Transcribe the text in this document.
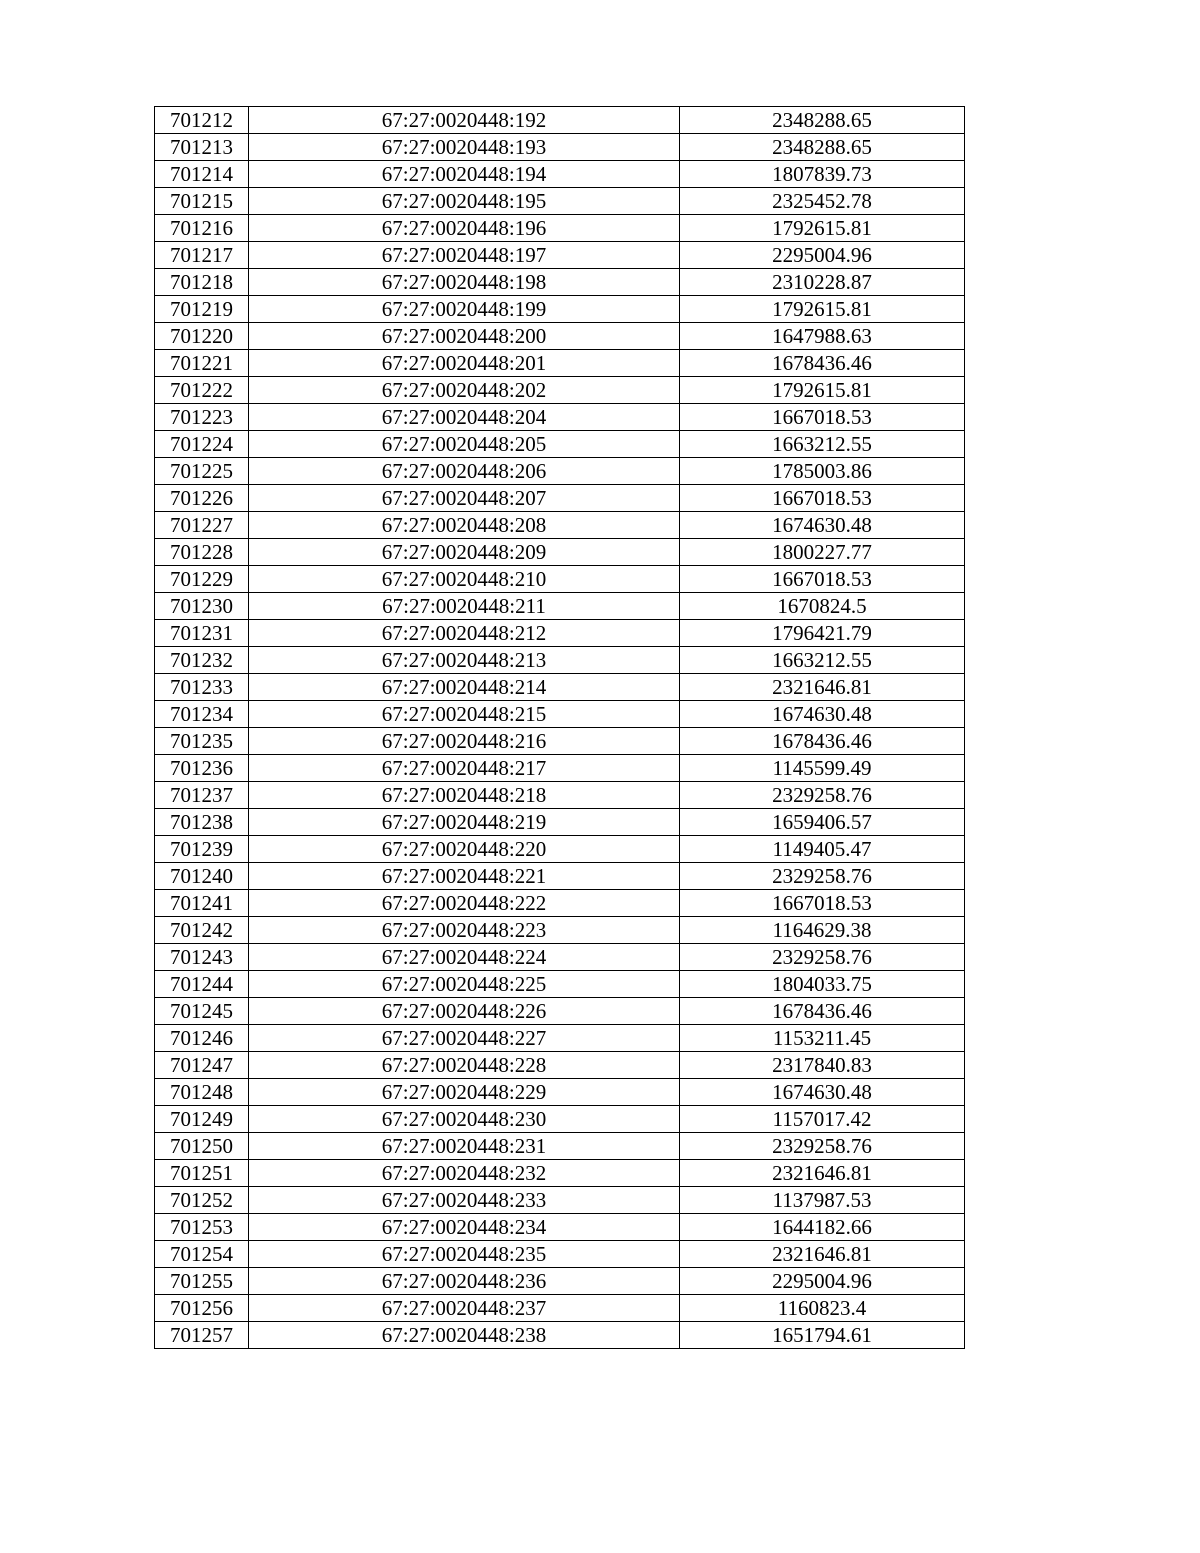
701212	67:27:0020448:192	2348288.65
701213	67:27:0020448:193	2348288.65
701214	67:27:0020448:194	1807839.73
701215	67:27:0020448:195	2325452.78
701216	67:27:0020448:196	1792615.81
701217	67:27:0020448:197	2295004.96
701218	67:27:0020448:198	2310228.87
701219	67:27:0020448:199	1792615.81
701220	67:27:0020448:200	1647988.63
701221	67:27:0020448:201	1678436.46
701222	67:27:0020448:202	1792615.81
701223	67:27:0020448:204	1667018.53
701224	67:27:0020448:205	1663212.55
701225	67:27:0020448:206	1785003.86
701226	67:27:0020448:207	1667018.53
701227	67:27:0020448:208	1674630.48
701228	67:27:0020448:209	1800227.77
701229	67:27:0020448:210	1667018.53
701230	67:27:0020448:211	1670824.5
701231	67:27:0020448:212	1796421.79
701232	67:27:0020448:213	1663212.55
701233	67:27:0020448:214	2321646.81
701234	67:27:0020448:215	1674630.48
701235	67:27:0020448:216	1678436.46
701236	67:27:0020448:217	1145599.49
701237	67:27:0020448:218	2329258.76
701238	67:27:0020448:219	1659406.57
701239	67:27:0020448:220	1149405.47
701240	67:27:0020448:221	2329258.76
701241	67:27:0020448:222	1667018.53
701242	67:27:0020448:223	1164629.38
701243	67:27:0020448:224	2329258.76
701244	67:27:0020448:225	1804033.75
701245	67:27:0020448:226	1678436.46
701246	67:27:0020448:227	1153211.45
701247	67:27:0020448:228	2317840.83
701248	67:27:0020448:229	1674630.48
701249	67:27:0020448:230	1157017.42
701250	67:27:0020448:231	2329258.76
701251	67:27:0020448:232	2321646.81
701252	67:27:0020448:233	1137987.53
701253	67:27:0020448:234	1644182.66
701254	67:27:0020448:235	2321646.81
701255	67:27:0020448:236	2295004.96
701256	67:27:0020448:237	1160823.4
701257	67:27:0020448:238	1651794.61
